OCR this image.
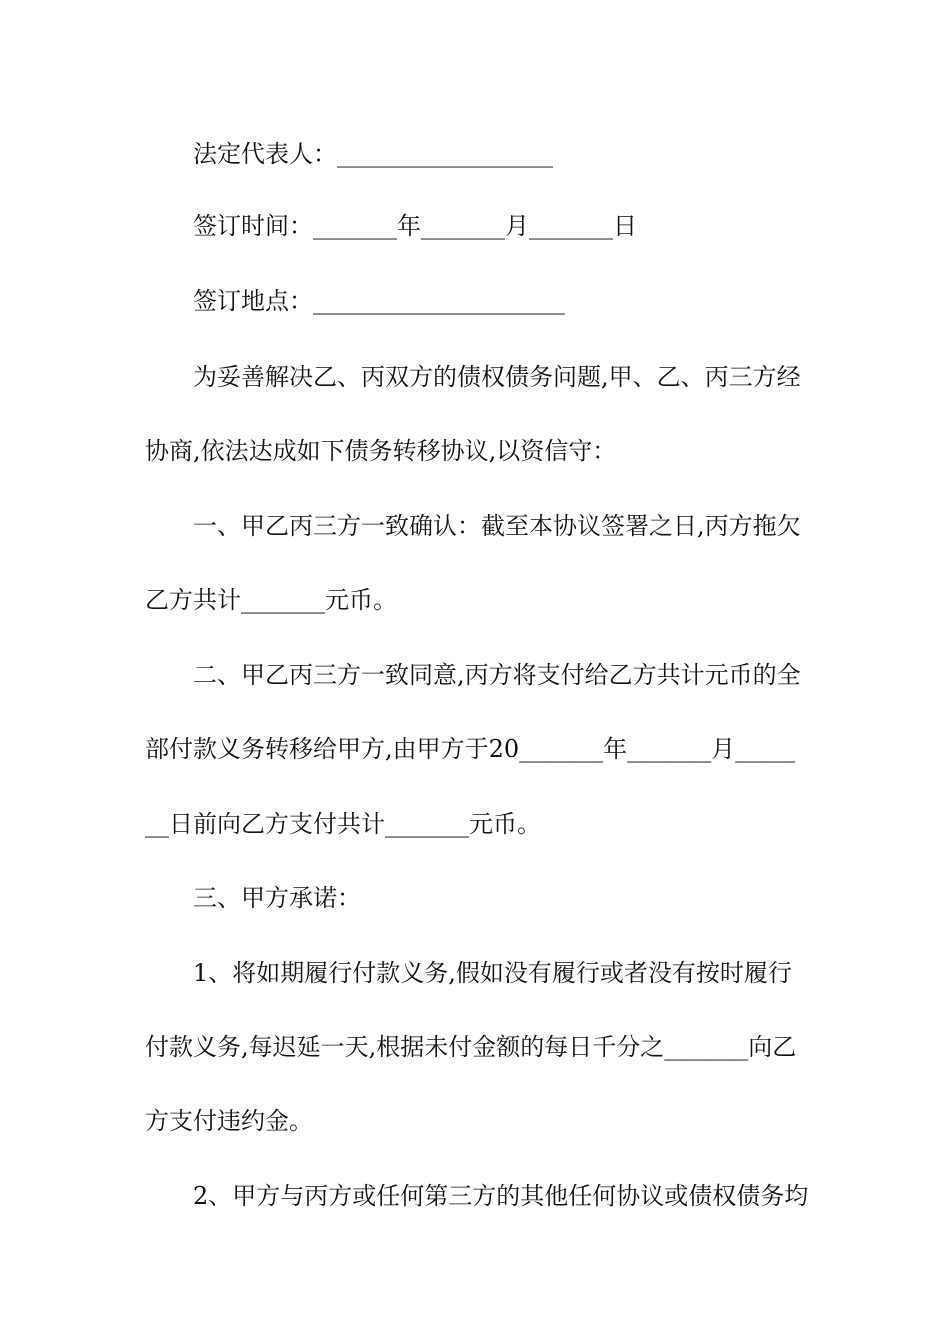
法定代表人：__________________
签订时间：_______年_______月_______日
签订地点：_____________________
为妥善解决乙、丙双方的债权债务问题,甲、乙、丙三方经
协商,依法达成如下债务转移协议,以资信守：
一、甲乙丙三方一致确认：截至本协议签署之日,丙方拖欠
乙方共计_______元币。
二、甲乙丙三方一致同意,丙方将支付给乙方共计元币的全
部付款义务转移给甲方,由甲方于20_______年_______月_____
__日前向乙方支付共计_______元币。
三、甲方承诺：
1、将如期履行付款义务,假如没有履行或者没有按时履行
付款义务,每迟延一天,根据未付金额的每日千分之_______向乙
方支付违约金。
2、甲方与丙方或任何第三方的其他任何协议或债权债务均
